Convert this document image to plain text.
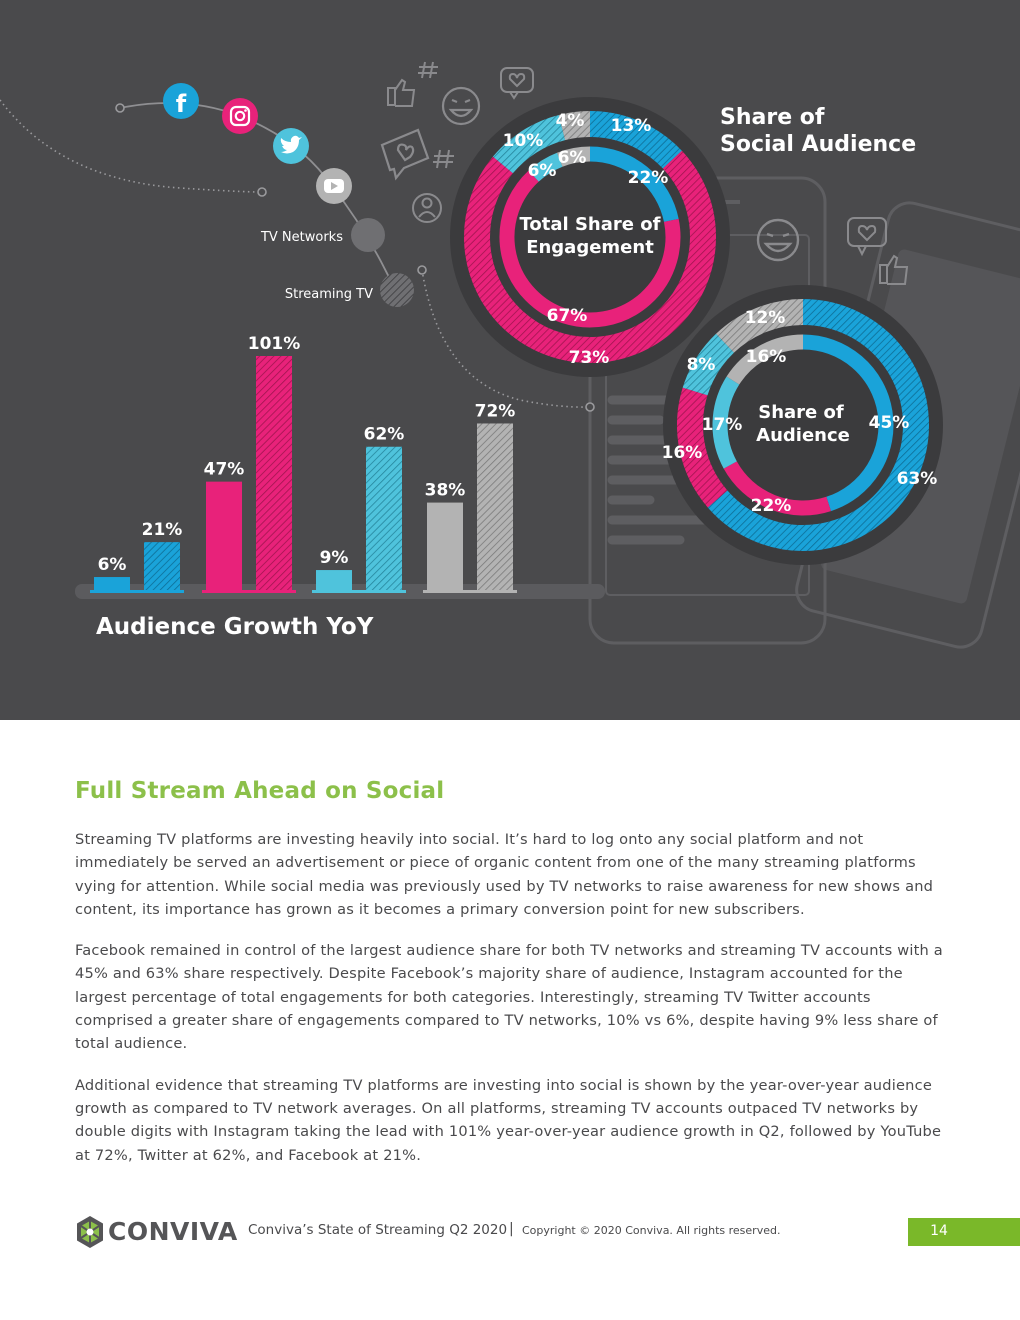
f
TV Networks
Streaming TV
6%
21%
47%
101%
9%
62%
38%
72%
Audience Growth YoY
Total Share of
Engagement
Share of
Audience
Share of
Social Audience
22%
67%
6%
6%
13%
73%
10%
4%
45%
22%
17%
16%
63%
16%
8%
12%
Full Stream Ahead on Social

Streaming TV platforms are investing heavily into social. It’s hard to log onto any social platform and not immediately be served an advertisement or piece of organic content from one of the many streaming platforms vying for attention. While social media was previously used by TV networks to raise awareness for new shows and content, its importance has grown as it becomes a primary conversion point for new subscribers.

Facebook remained in control of the largest audience share for both TV networks and streaming TV accounts with a 45% and 63% share respectively. Despite Facebook’s majority share of audience, Instagram accounted for the largest percentage of total engagements for both categories. Interestingly, streaming TV Twitter accounts comprised a greater share of engagements compared to TV networks, 10% vs 6%, despite having 9% less share of total audience.

Additional evidence that streaming TV platforms are investing into social is shown by the year-over-year audience growth as compared to TV network averages. On all platforms, streaming TV accounts outpaced TV networks by double digits with Instagram taking the lead with 101% year-over-year audience growth in Q2, followed by YouTube at 72%, Twitter at 62%, and Facebook at 21%.

CONVIVA Conviva’s State of Streaming Q2 2020 | Copyright © 2020 Conviva. All rights reserved.	14
